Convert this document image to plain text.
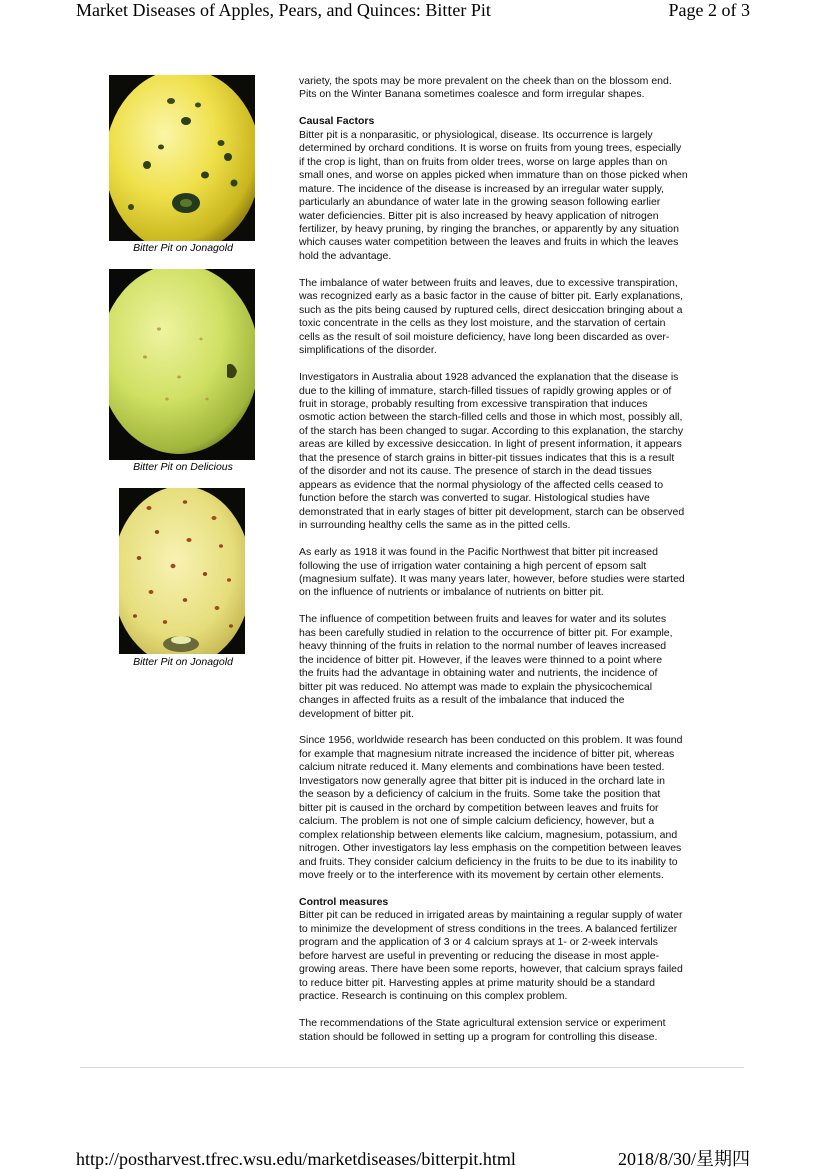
Market Diseases of Apples, Pears, and Quinces: Bitter Pit	Page 2 of 3
Bitter Pit on Jonagold
Bitter Pit on Delicious
Bitter Pit on Jonagold

variety, the spots may be more prevalent on the cheek than on the blossom end.
Pits on the Winter Banana sometimes coalesce and form irregular shapes.

Causal Factors

Bitter pit is a nonparasitic, or physiological, disease. Its occurrence is largely
determined by orchard conditions. It is worse on fruits from young trees, especially
if the crop is light, than on fruits from older trees, worse on large apples than on
small ones, and worse on apples picked when immature than on those picked when
mature. The incidence of the disease is increased by an irregular water supply,
particularly an abundance of water late in the growing season following earlier
water deficiencies. Bitter pit is also increased by heavy application of nitrogen
fertilizer, by heavy pruning, by ringing the branches, or apparently by any situation
which causes water competition between the leaves and fruits in which the leaves
hold the advantage.

The imbalance of water between fruits and leaves, due to excessive transpiration,
was recognized early as a basic factor in the cause of bitter pit. Early explanations,
such as the pits being caused by ruptured cells, direct desiccation bringing about a
toxic concentrate in the cells as they lost moisture, and the starvation of certain
cells as the result of soil moisture deficiency, have long been discarded as over-
simplifications of the disorder.

Investigators in Australia about 1928 advanced the explanation that the disease is
due to the killing of immature, starch-filled tissues of rapidly growing apples or of
fruit in storage, probably resulting from excessive transpiration that induces
osmotic action between the starch-filled cells and those in which most, possibly all,
of the starch has been changed to sugar. According to this explanation, the starchy
areas are killed by excessive desiccation. In light of present information, it appears
that the presence of starch grains in bitter-pit tissues indicates that this is a result
of the disorder and not its cause. The presence of starch in the dead tissues
appears as evidence that the normal physiology of the affected cells ceased to
function before the starch was converted to sugar. Histological studies have
demonstrated that in early stages of bitter pit development, starch can be observed
in surrounding healthy cells the same as in the pitted cells.

As early as 1918 it was found in the Pacific Northwest that bitter pit increased
following the use of irrigation water containing a high percent of epsom salt
(magnesium sulfate). It was many years later, however, before studies were started
on the influence of nutrients or imbalance of nutrients on bitter pit.

The influence of competition between fruits and leaves for water and its solutes
has been carefully studied in relation to the occurrence of bitter pit. For example,
heavy thinning of the fruits in relation to the normal number of leaves increased
the incidence of bitter pit. However, if the leaves were thinned to a point where
the fruits had the advantage in obtaining water and nutrients, the incidence of
bitter pit was reduced. No attempt was made to explain the physicochemical
changes in affected fruits as a result of the imbalance that induced the
development of bitter pit.

Since 1956, worldwide research has been conducted on this problem. It was found
for example that magnesium nitrate increased the incidence of bitter pit, whereas
calcium nitrate reduced it. Many elements and combinations have been tested.
Investigators now generally agree that bitter pit is induced in the orchard late in
the season by a deficiency of calcium in the fruits. Some take the position that
bitter pit is caused in the orchard by competition between leaves and fruits for
calcium. The problem is not one of simple calcium deficiency, however, but a
complex relationship between elements like calcium, magnesium, potassium, and
nitrogen. Other investigators lay less emphasis on the competition between leaves
and fruits. They consider calcium deficiency in the fruits to be due to its inability to
move freely or to the interference with its movement by certain other elements.

Control measures

Bitter pit can be reduced in irrigated areas by maintaining a regular supply of water
to minimize the development of stress conditions in the trees. A balanced fertilizer
program and the application of 3 or 4 calcium sprays at 1- or 2-week intervals
before harvest are useful in preventing or reducing the disease in most apple-
growing areas. There have been some reports, however, that calcium sprays failed
to reduce bitter pit. Harvesting apples at prime maturity should be a standard
practice. Research is continuing on this complex problem.

The recommendations of the State agricultural extension service or experiment
station should be followed in setting up a program for controlling this disease.

http://postharvest.tfrec.wsu.edu/marketdiseases/bitterpit.html	2018/8/30/星期四
